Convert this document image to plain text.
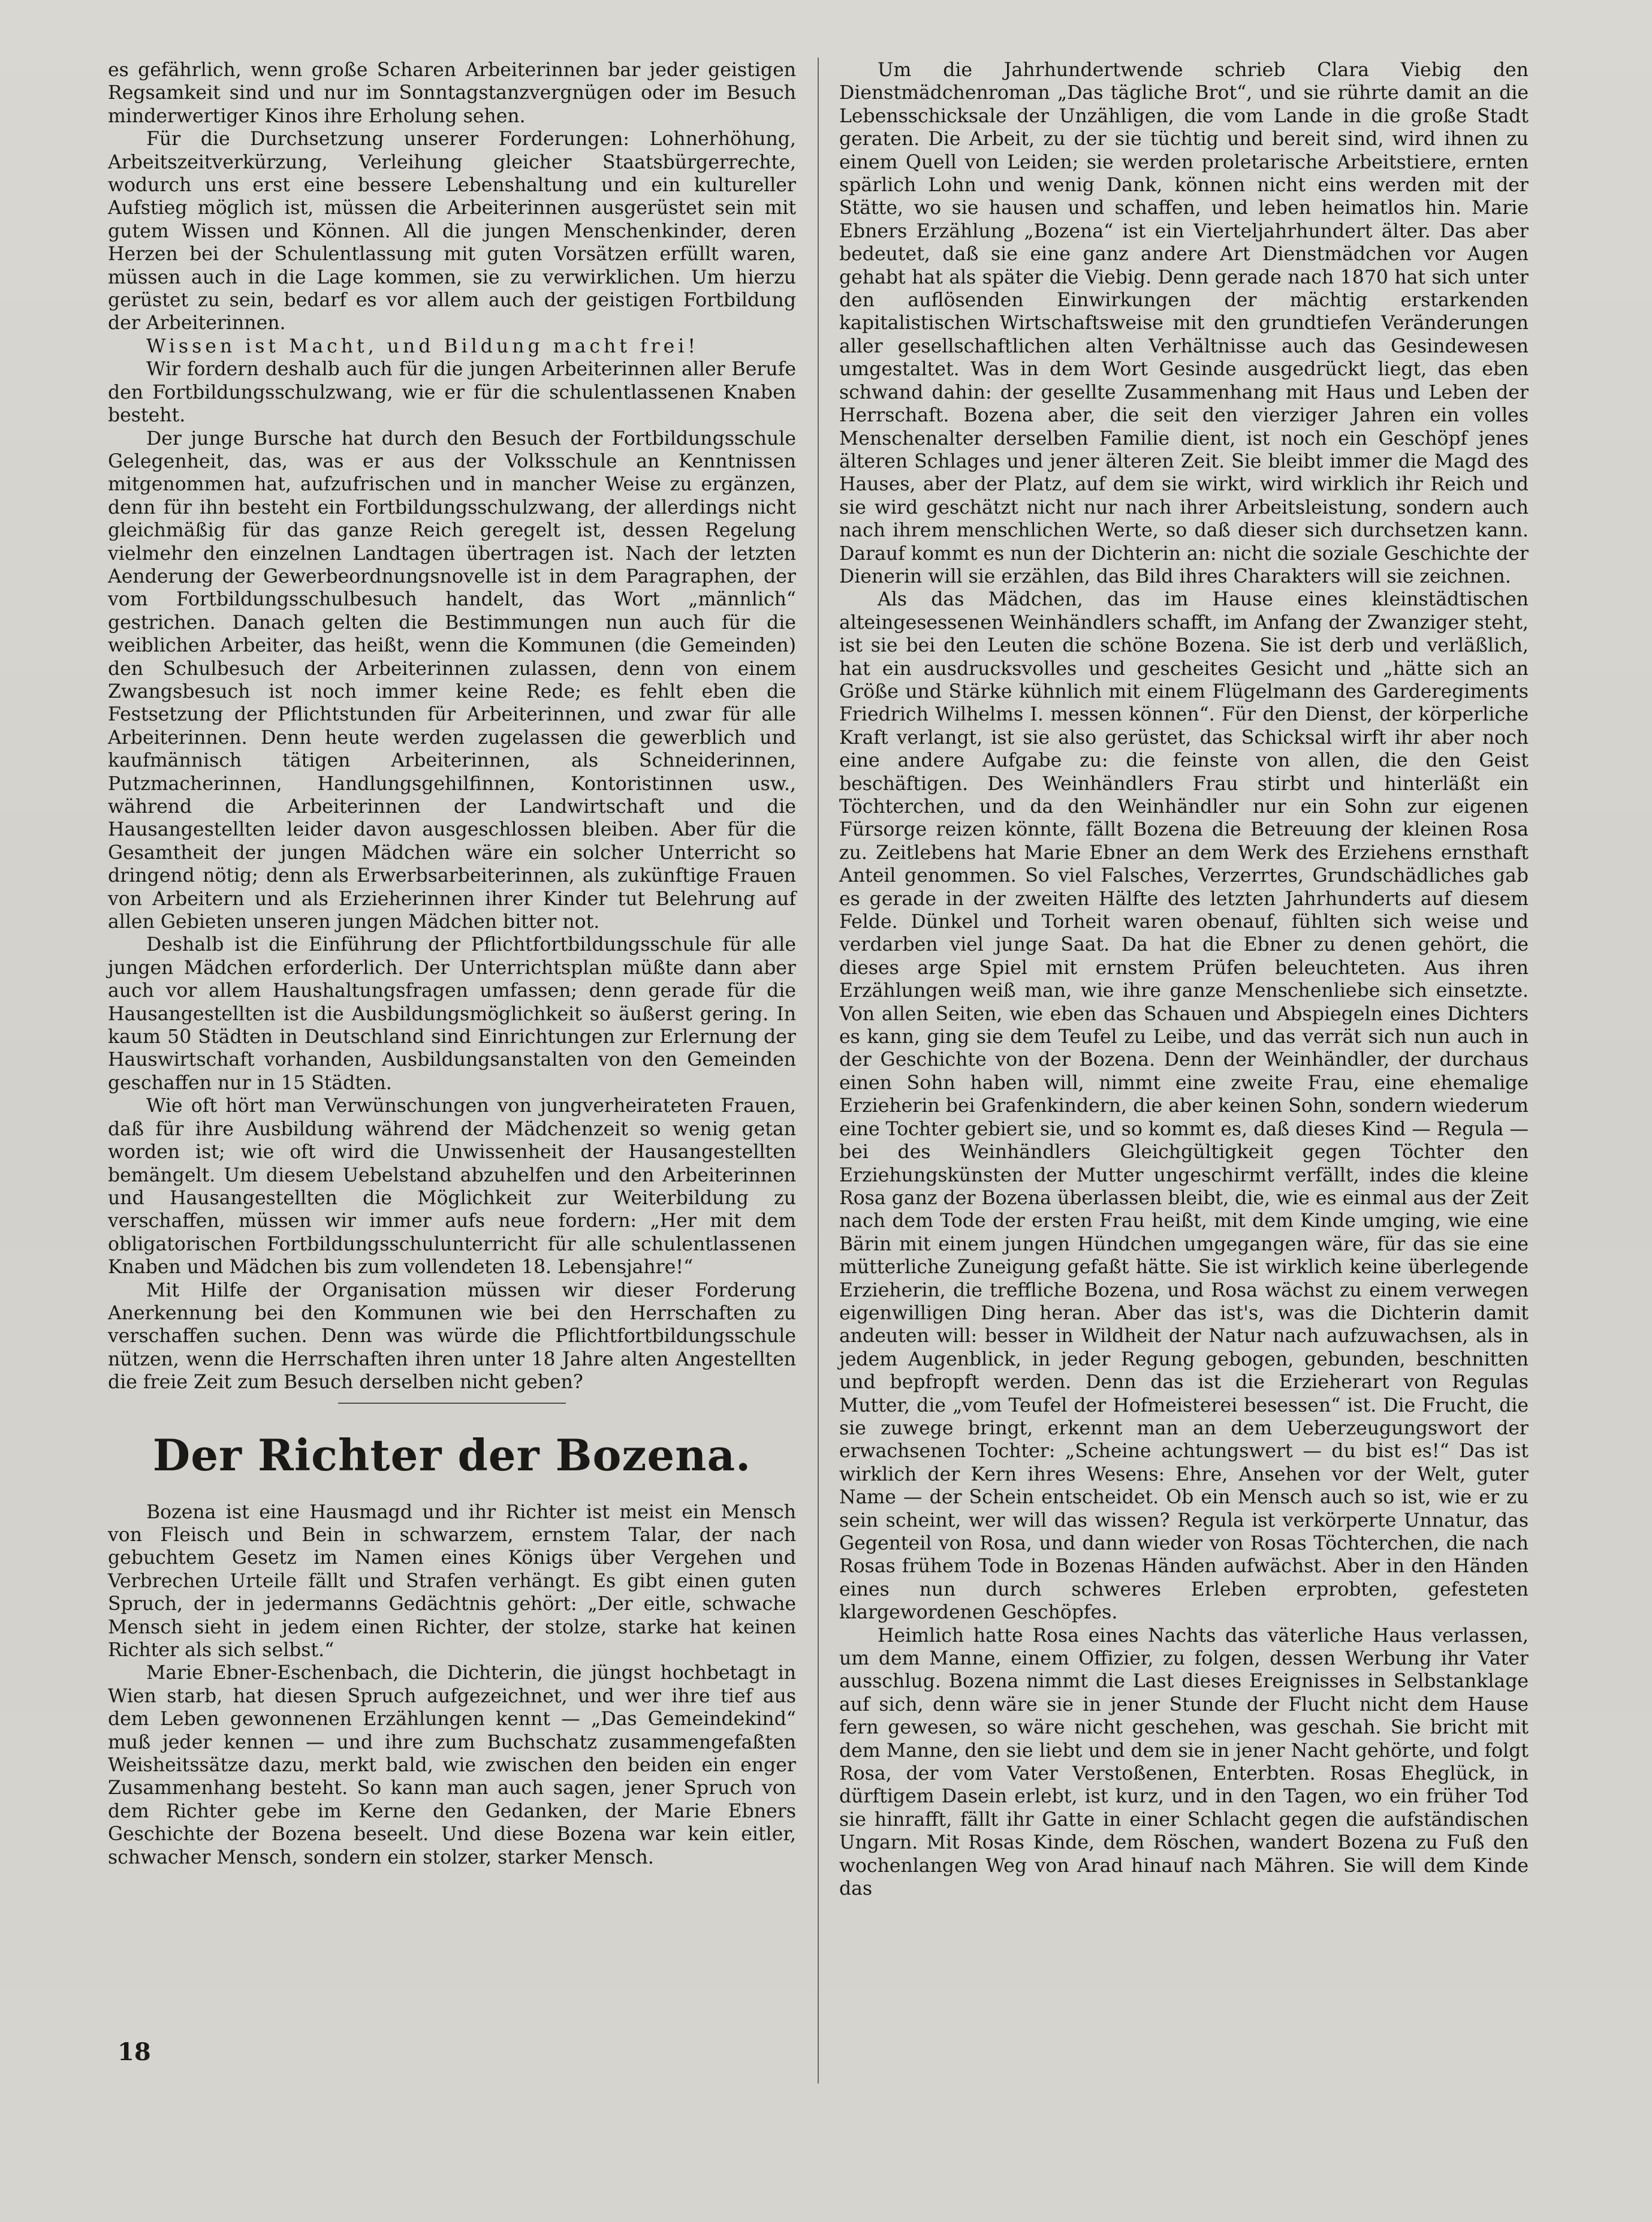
es gefährlich, wenn große Scharen Arbeiterinnen bar jeder geistigen Regsamkeit sind und nur im Sonntagstanzvergnügen oder im Besuch minderwertiger Kinos ihre Erholung sehen.

Für die Durchsetzung unserer Forderungen: Lohnerhöhung, Arbeitszeitverkürzung, Verleihung gleicher Staatsbürgerrechte, wodurch uns erst eine bessere Lebenshaltung und ein kultureller Aufstieg möglich ist, müssen die Arbeiterinnen ausgerüstet sein mit gutem Wissen und Können. All die jungen Menschenkinder, deren Herzen bei der Schulentlassung mit guten Vorsätzen erfüllt waren, müssen auch in die Lage kommen, sie zu verwirklichen. Um hierzu gerüstet zu sein, bedarf es vor allem auch der geistigen Fortbildung der Arbeiterinnen.

Wissen ist Macht, und Bildung macht frei!

Wir fordern deshalb auch für die jungen Arbeiterinnen aller Berufe den Fortbildungsschulzwang, wie er für die schulentlassenen Knaben besteht.

Der junge Bursche hat durch den Besuch der Fortbildungsschule Gelegenheit, das, was er aus der Volksschule an Kenntnissen mitgenommen hat, aufzufrischen und in mancher Weise zu ergänzen, denn für ihn besteht ein Fortbildungsschulzwang, der allerdings nicht gleichmäßig für das ganze Reich geregelt ist, dessen Regelung vielmehr den einzelnen Landtagen übertragen ist. Nach der letzten Aenderung der Gewerbeordnungsnovelle ist in dem Paragraphen, der vom Fortbildungsschulbesuch handelt, das Wort „männlich“ gestrichen. Danach gelten die Bestimmungen nun auch für die weiblichen Arbeiter, das heißt, wenn die Kommunen (die Gemeinden) den Schulbesuch der Arbeiterinnen zulassen, denn von einem Zwangsbesuch ist noch immer keine Rede; es fehlt eben die Festsetzung der Pflichtstunden für Arbeiterinnen, und zwar für alle Arbeiterinnen. Denn heute werden zugelassen die gewerblich und kaufmännisch tätigen Arbeiterinnen, als Schneiderinnen, Putzmacherinnen, Handlungsgehilfinnen, Kontoristinnen usw., während die Arbeiterinnen der Landwirtschaft und die Hausangestellten leider davon ausgeschlossen bleiben. Aber für die Gesamtheit der jungen Mädchen wäre ein solcher Unterricht so dringend nötig; denn als Erwerbsarbeiterinnen, als zukünftige Frauen von Arbeitern und als Erzieherinnen ihrer Kinder tut Belehrung auf allen Gebieten unseren jungen Mädchen bitter not.

Deshalb ist die Einführung der Pflichtfortbildungsschule für alle jungen Mädchen erforderlich. Der Unterrichtsplan müßte dann aber auch vor allem Haushaltungsfragen umfassen; denn gerade für die Hausangestellten ist die Ausbildungsmöglichkeit so äußerst gering. In kaum 50 Städten in Deutschland sind Einrichtungen zur Erlernung der Hauswirtschaft vorhanden, Ausbildungsanstalten von den Gemeinden geschaffen nur in 15 Städten.

Wie oft hört man Verwünschungen von jungverheirateten Frauen, daß für ihre Ausbildung während der Mädchenzeit so wenig getan worden ist; wie oft wird die Unwissenheit der Hausangestellten bemängelt. Um diesem Uebelstand abzuhelfen und den Arbeiterinnen und Hausangestellten die Möglichkeit zur Weiterbildung zu verschaffen, müssen wir immer aufs neue fordern: „Her mit dem obligatorischen Fortbildungsschulunterricht für alle schulentlassenen Knaben und Mädchen bis zum vollendeten 18. Lebensjahre!“

Mit Hilfe der Organisation müssen wir dieser Forderung Anerkennung bei den Kommunen wie bei den Herrschaften zu verschaffen suchen. Denn was würde die Pflichtfortbildungsschule nützen, wenn die Herrschaften ihren unter 18 Jahre alten Angestellten die freie Zeit zum Besuch derselben nicht geben?

Der Richter der Bozena.

Bozena ist eine Hausmagd und ihr Richter ist meist ein Mensch von Fleisch und Bein in schwarzem, ernstem Talar, der nach gebuchtem Gesetz im Namen eines Königs über Vergehen und Verbrechen Urteile fällt und Strafen verhängt. Es gibt einen guten Spruch, der in jedermanns Gedächtnis gehört: „Der eitle, schwache Mensch sieht in jedem einen Richter, der stolze, starke hat keinen Richter als sich selbst.“

Marie Ebner-Eschenbach, die Dichterin, die jüngst hochbetagt in Wien starb, hat diesen Spruch aufgezeichnet, und wer ihre tief aus dem Leben gewonnenen Erzählungen kennt — „Das Gemeindekind“ muß jeder kennen — und ihre zum Buchschatz zusammengefaßten Weisheitssätze dazu, merkt bald, wie zwischen den beiden ein enger Zusammenhang besteht. So kann man auch sagen, jener Spruch von dem Richter gebe im Kerne den Gedanken, der Marie Ebners Geschichte der Bozena beseelt. Und diese Bozena war kein eitler, schwacher Mensch, sondern ein stolzer, starker Mensch.

Um die Jahrhundertwende schrieb Clara Viebig den Dienstmädchenroman „Das tägliche Brot“, und sie rührte damit an die Lebensschicksale der Unzähligen, die vom Lande in die große Stadt geraten. Die Arbeit, zu der sie tüchtig und bereit sind, wird ihnen zu einem Quell von Leiden; sie werden proletarische Arbeitstiere, ernten spärlich Lohn und wenig Dank, können nicht eins werden mit der Stätte, wo sie hausen und schaffen, und leben heimatlos hin. Marie Ebners Erzählung „Bozena“ ist ein Vierteljahrhundert älter. Das aber bedeutet, daß sie eine ganz andere Art Dienstmädchen vor Augen gehabt hat als später die Viebig. Denn gerade nach 1870 hat sich unter den auflösenden Einwirkungen der mächtig erstarkenden kapitalistischen Wirtschaftsweise mit den grundtiefen Veränderungen aller gesellschaftlichen alten Verhältnisse auch das Gesindewesen umgestaltet. Was in dem Wort Gesinde ausgedrückt liegt, das eben schwand dahin: der gesellte Zusammenhang mit Haus und Leben der Herrschaft. Bozena aber, die seit den vierziger Jahren ein volles Menschenalter derselben Familie dient, ist noch ein Geschöpf jenes älteren Schlages und jener älteren Zeit. Sie bleibt immer die Magd des Hauses, aber der Platz, auf dem sie wirkt, wird wirklich ihr Reich und sie wird geschätzt nicht nur nach ihrer Arbeitsleistung, sondern auch nach ihrem menschlichen Werte, so daß dieser sich durchsetzen kann. Darauf kommt es nun der Dichterin an: nicht die soziale Geschichte der Dienerin will sie erzählen, das Bild ihres Charakters will sie zeichnen.

Als das Mädchen, das im Hause eines kleinstädtischen alteingesessenen Weinhändlers schafft, im Anfang der Zwanziger steht, ist sie bei den Leuten die schöne Bozena. Sie ist derb und verläßlich, hat ein ausdrucksvolles und gescheites Gesicht und „hätte sich an Größe und Stärke kühnlich mit einem Flügelmann des Garderegiments Friedrich Wilhelms I. messen können“. Für den Dienst, der körperliche Kraft verlangt, ist sie also gerüstet, das Schicksal wirft ihr aber noch eine andere Aufgabe zu: die feinste von allen, die den Geist beschäftigen. Des Weinhändlers Frau stirbt und hinterläßt ein Töchterchen, und da den Weinhändler nur ein Sohn zur eigenen Fürsorge reizen könnte, fällt Bozena die Betreuung der kleinen Rosa zu. Zeitlebens hat Marie Ebner an dem Werk des Erziehens ernsthaft Anteil genommen. So viel Falsches, Verzerrtes, Grundschädliches gab es gerade in der zweiten Hälfte des letzten Jahrhunderts auf diesem Felde. Dünkel und Torheit waren obenauf, fühlten sich weise und verdarben viel junge Saat. Da hat die Ebner zu denen gehört, die dieses arge Spiel mit ernstem Prüfen beleuchteten. Aus ihren Erzählungen weiß man, wie ihre ganze Menschenliebe sich einsetzte. Von allen Seiten, wie eben das Schauen und Abspiegeln eines Dichters es kann, ging sie dem Teufel zu Leibe, und das verrät sich nun auch in der Geschichte von der Bozena. Denn der Weinhändler, der durchaus einen Sohn haben will, nimmt eine zweite Frau, eine ehemalige Erzieherin bei Grafenkindern, die aber keinen Sohn, sondern wiederum eine Tochter gebiert sie, und so kommt es, daß dieses Kind — Regula — bei des Weinhändlers Gleichgültigkeit gegen Töchter den Erziehungskünsten der Mutter ungeschirmt verfällt, indes die kleine Rosa ganz der Bozena überlassen bleibt, die, wie es einmal aus der Zeit nach dem Tode der ersten Frau heißt, mit dem Kinde umging, wie eine Bärin mit einem jungen Hündchen umgegangen wäre, für das sie eine mütterliche Zuneigung gefaßt hätte. Sie ist wirklich keine überlegende Erzieherin, die treffliche Bozena, und Rosa wächst zu einem verwegen eigenwilligen Ding heran. Aber das ist's, was die Dichterin damit andeuten will: besser in Wildheit der Natur nach aufzuwachsen, als in jedem Augenblick, in jeder Regung gebogen, gebunden, beschnitten und bepfropft werden. Denn das ist die Erzieherart von Regulas Mutter, die „vom Teufel der Hofmeisterei besessen“ ist. Die Frucht, die sie zuwege bringt, erkennt man an dem Ueberzeugungswort der erwachsenen Tochter: „Scheine achtungswert — du bist es!“ Das ist wirklich der Kern ihres Wesens: Ehre, Ansehen vor der Welt, guter Name — der Schein entscheidet. Ob ein Mensch auch so ist, wie er zu sein scheint, wer will das wissen? Regula ist verkörperte Unnatur, das Gegenteil von Rosa, und dann wieder von Rosas Töchterchen, die nach Rosas frühem Tode in Bozenas Händen aufwächst. Aber in den Händen eines nun durch schweres Erleben erprobten, gefesteten klargewordenen Geschöpfes.

Heimlich hatte Rosa eines Nachts das väterliche Haus verlassen, um dem Manne, einem Offizier, zu folgen, dessen Werbung ihr Vater ausschlug. Bozena nimmt die Last dieses Ereignisses in Selbstanklage auf sich, denn wäre sie in jener Stunde der Flucht nicht dem Hause fern gewesen, so wäre nicht geschehen, was geschah. Sie bricht mit dem Manne, den sie liebt und dem sie in jener Nacht gehörte, und folgt Rosa, der vom Vater Verstoßenen, Enterbten. Rosas Eheglück, in dürftigem Dasein erlebt, ist kurz, und in den Tagen, wo ein früher Tod sie hinrafft, fällt ihr Gatte in einer Schlacht gegen die aufständischen Ungarn. Mit Rosas Kinde, dem Röschen, wandert Bozena zu Fuß den wochenlangen Weg von Arad hinauf nach Mähren. Sie will dem Kinde das

18
